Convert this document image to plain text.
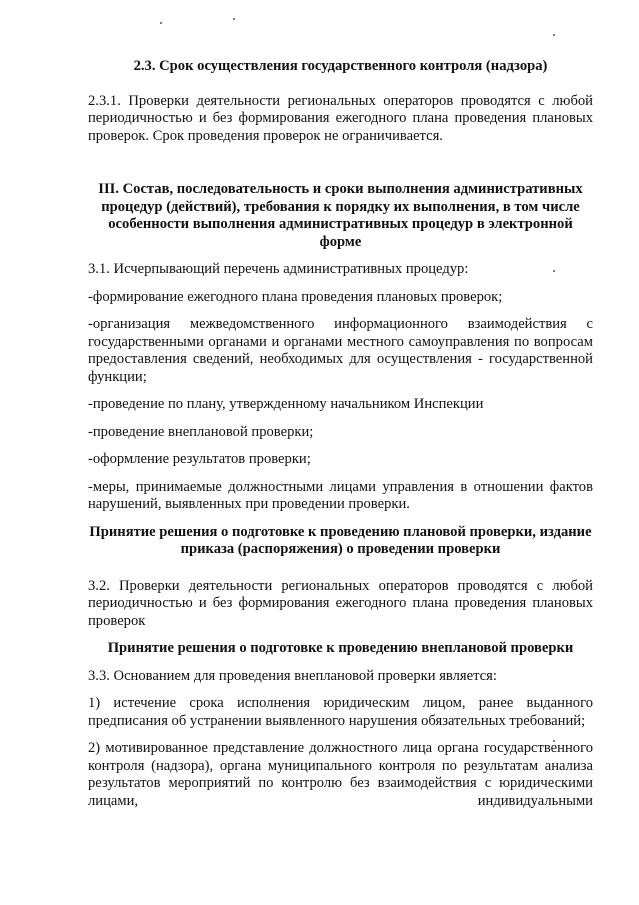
2.3. Срок осуществления государственного контроля (надзора)

2.3.1. Проверки деятельности региональных операторов проводятся с любой периодичностью и без формирования ежегодного плана проведения плановых проверок. Срок проведения проверок не ограничивается.

III. Состав, последовательность и сроки выполнения административных процедур (действий), требования к порядку их выполнения, в том числе особенности выполнения административных процедур в электронной форме

3.1. Исчерпывающий перечень административных процедур:

-формирование ежегодного плана проведения плановых проверок;

-организация межведомственного информационного взаимодействия с государственными органами и органами местного самоуправления по вопросам предоставления сведений, необходимых для осуществления - государственной функции;

-проведение по плану, утвержденному начальником Инспекции

-проведение внеплановой проверки;

-оформление результатов проверки;

-меры, принимаемые должностными лицами управления в отношении фактов нарушений, выявленных при проведении проверки.

Принятие решения о подготовке к проведению плановой проверки, издание приказа (распоряжения) о проведении проверки

3.2. Проверки деятельности региональных операторов проводятся с любой периодичностью и без формирования ежегодного плана проведения плановых проверок

Принятие решения о подготовке к проведению внеплановой проверки

3.3. Основанием для проведения внеплановой проверки является:

1) истечение срока исполнения юридическим лицом, ранее выданного предписания об устранении выявленного нарушения обязательных требований;

2) мотивированное представление должностного лица органа государственного контроля (надзора), органа муниципального контроля по результатам анализа результатов мероприятий по контролю без взаимодействия с юридическими лицами, индивидуальными
